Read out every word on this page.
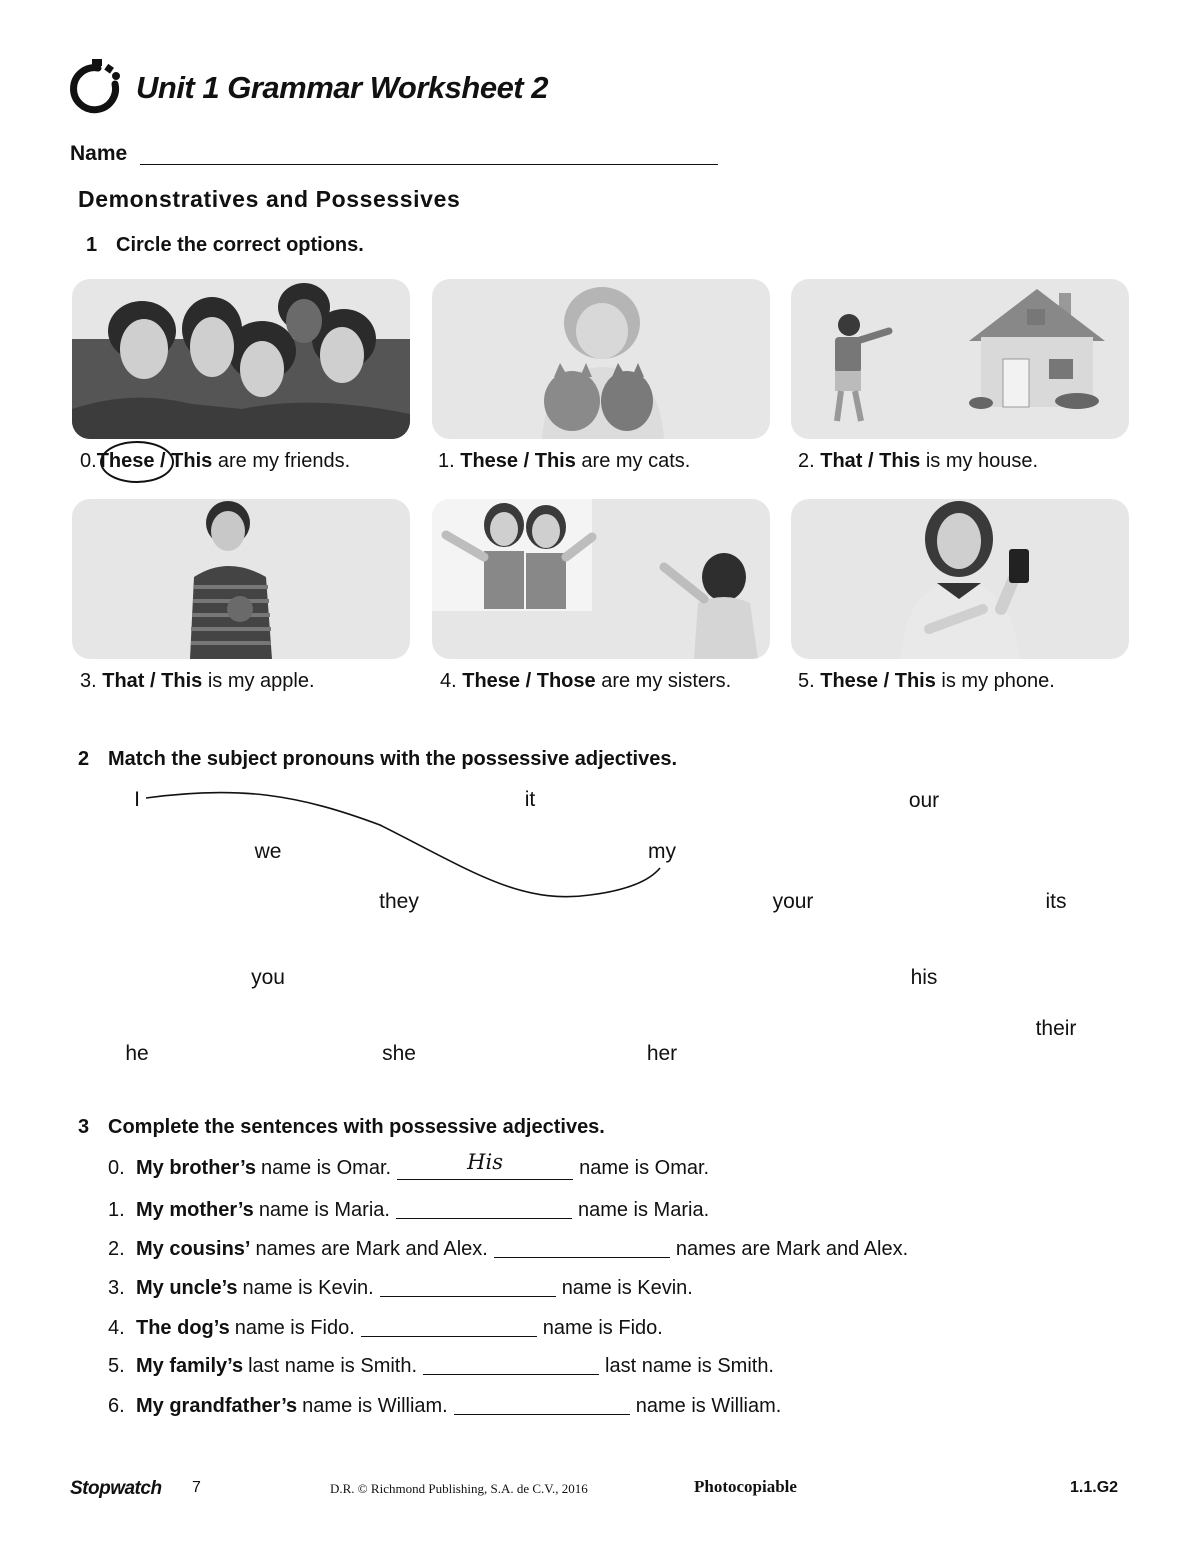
Unit 1 Grammar Worksheet 2
Name
Demonstratives and Possessives
1 Circle the correct options.
0.These / This are my friends.	1. These / This are my cats.	2. That / This is my house.
3. That / This is my apple.	4. These / Those are my sisters.	5. These / This is my phone.
2 Match the subject pronouns with the possessive adjectives.
I	it	our
we	my
they	your	its
you	his
their
he	she	her
3 Complete the sentences with possessive adjectives.
0. My brother’s name is Omar.	His	name is Omar.
1. My mother’s name is Maria.	name is Maria.
2. My cousins’ names are Mark and Alex.	names are Mark and Alex.
3. My uncle’s name is Kevin.	name is Kevin.
4. The dog’s name is Fido.	name is Fido.
5. My family’s last name is Smith.	last name is Smith.
6. My grandfather’s name is William.	name is William.
Stopwatch 7	D.R. © Richmond Publishing, S.A. de C.V., 2016	Photocopiable	1.1.G2
